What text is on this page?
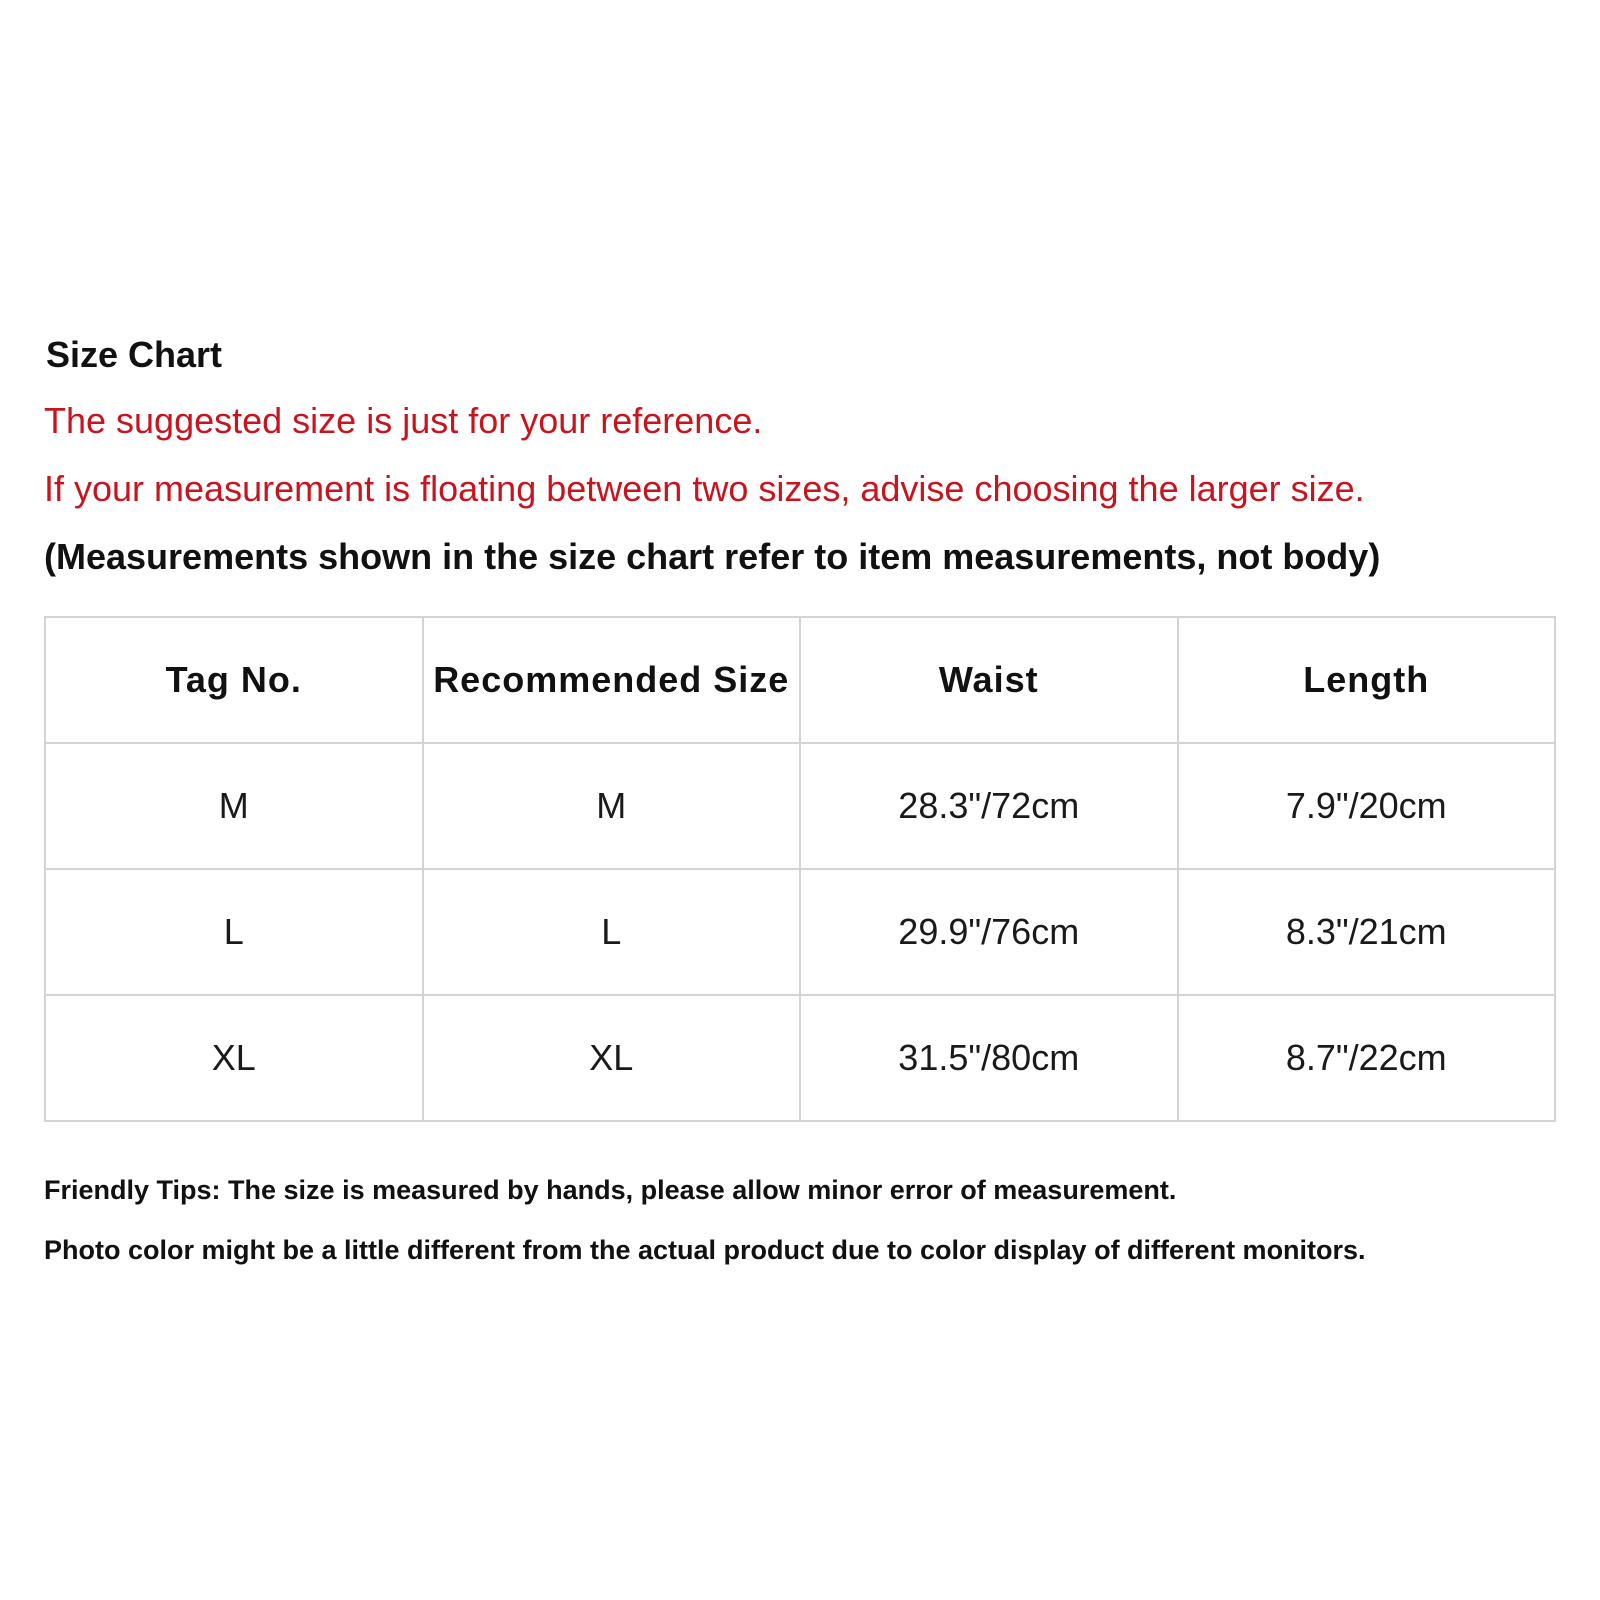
Size Chart
The suggested size is just for your reference.
If your measurement is floating between two sizes, advise choosing the larger size.
(Measurements shown in the size chart refer to item measurements, not body)
Tag No.	Recommended Size	Waist	Length
M	M	28.3"/72cm	7.9"/20cm
L	L	29.9"/76cm	8.3"/21cm
XL	XL	31.5"/80cm	8.7"/22cm
Friendly Tips: The size is measured by hands, please allow minor error of measurement.
Photo color might be a little different from the actual product due to color display of different monitors.
